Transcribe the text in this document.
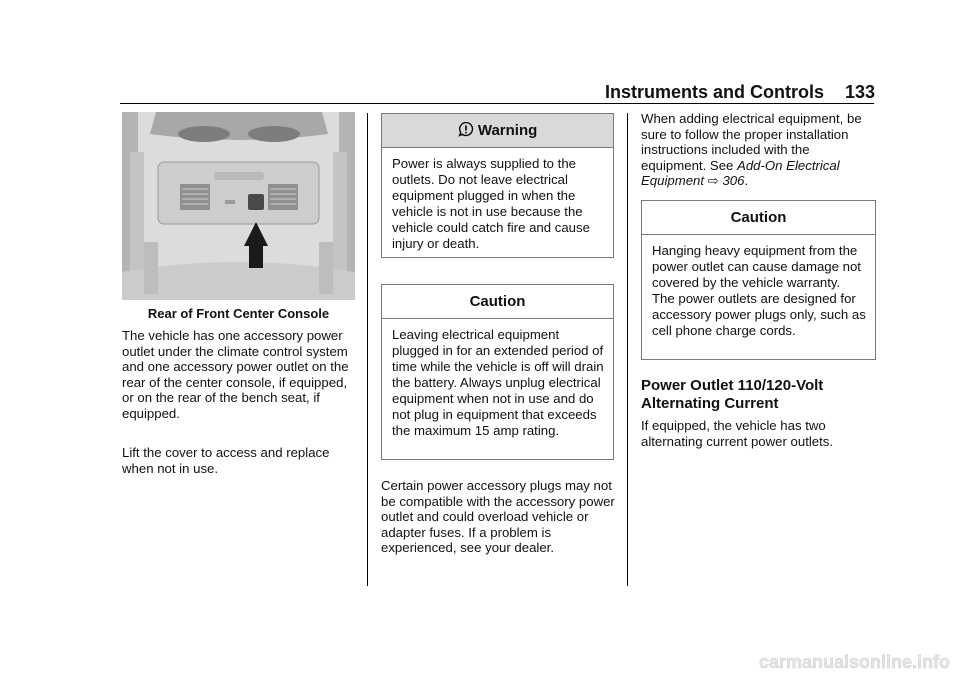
Instruments and Controls 133
Rear of Front Center Console
The vehicle has one accessory power outlet under the climate control system and one accessory power outlet on the rear of the center console, if equipped, or on the rear of the bench seat, if equipped.
Lift the cover to access and replace when not in use.
Warning
Power is always supplied to the outlets. Do not leave electrical equipment plugged in when the vehicle is not in use because the vehicle could catch fire and cause injury or death.
Caution
Leaving electrical equipment plugged in for an extended period of time while the vehicle is off will drain the battery. Always unplug electrical equipment when not in use and do not plug in equipment that exceeds the maximum 15 amp rating.
Certain power accessory plugs may not be compatible with the accessory power outlet and could overload vehicle or adapter fuses. If a problem is experienced, see your dealer.
When adding electrical equipment, be sure to follow the proper installation instructions included with the equipment. See Add-On Electrical Equipment ⇨ 306.
Caution
Hanging heavy equipment from the power outlet can cause damage not covered by the vehicle warranty. The power outlets are designed for accessory power plugs only, such as cell phone charge cords.
Power Outlet 110/120-Volt Alternating Current
If equipped, the vehicle has two alternating current power outlets.
carmanualsonline.info
